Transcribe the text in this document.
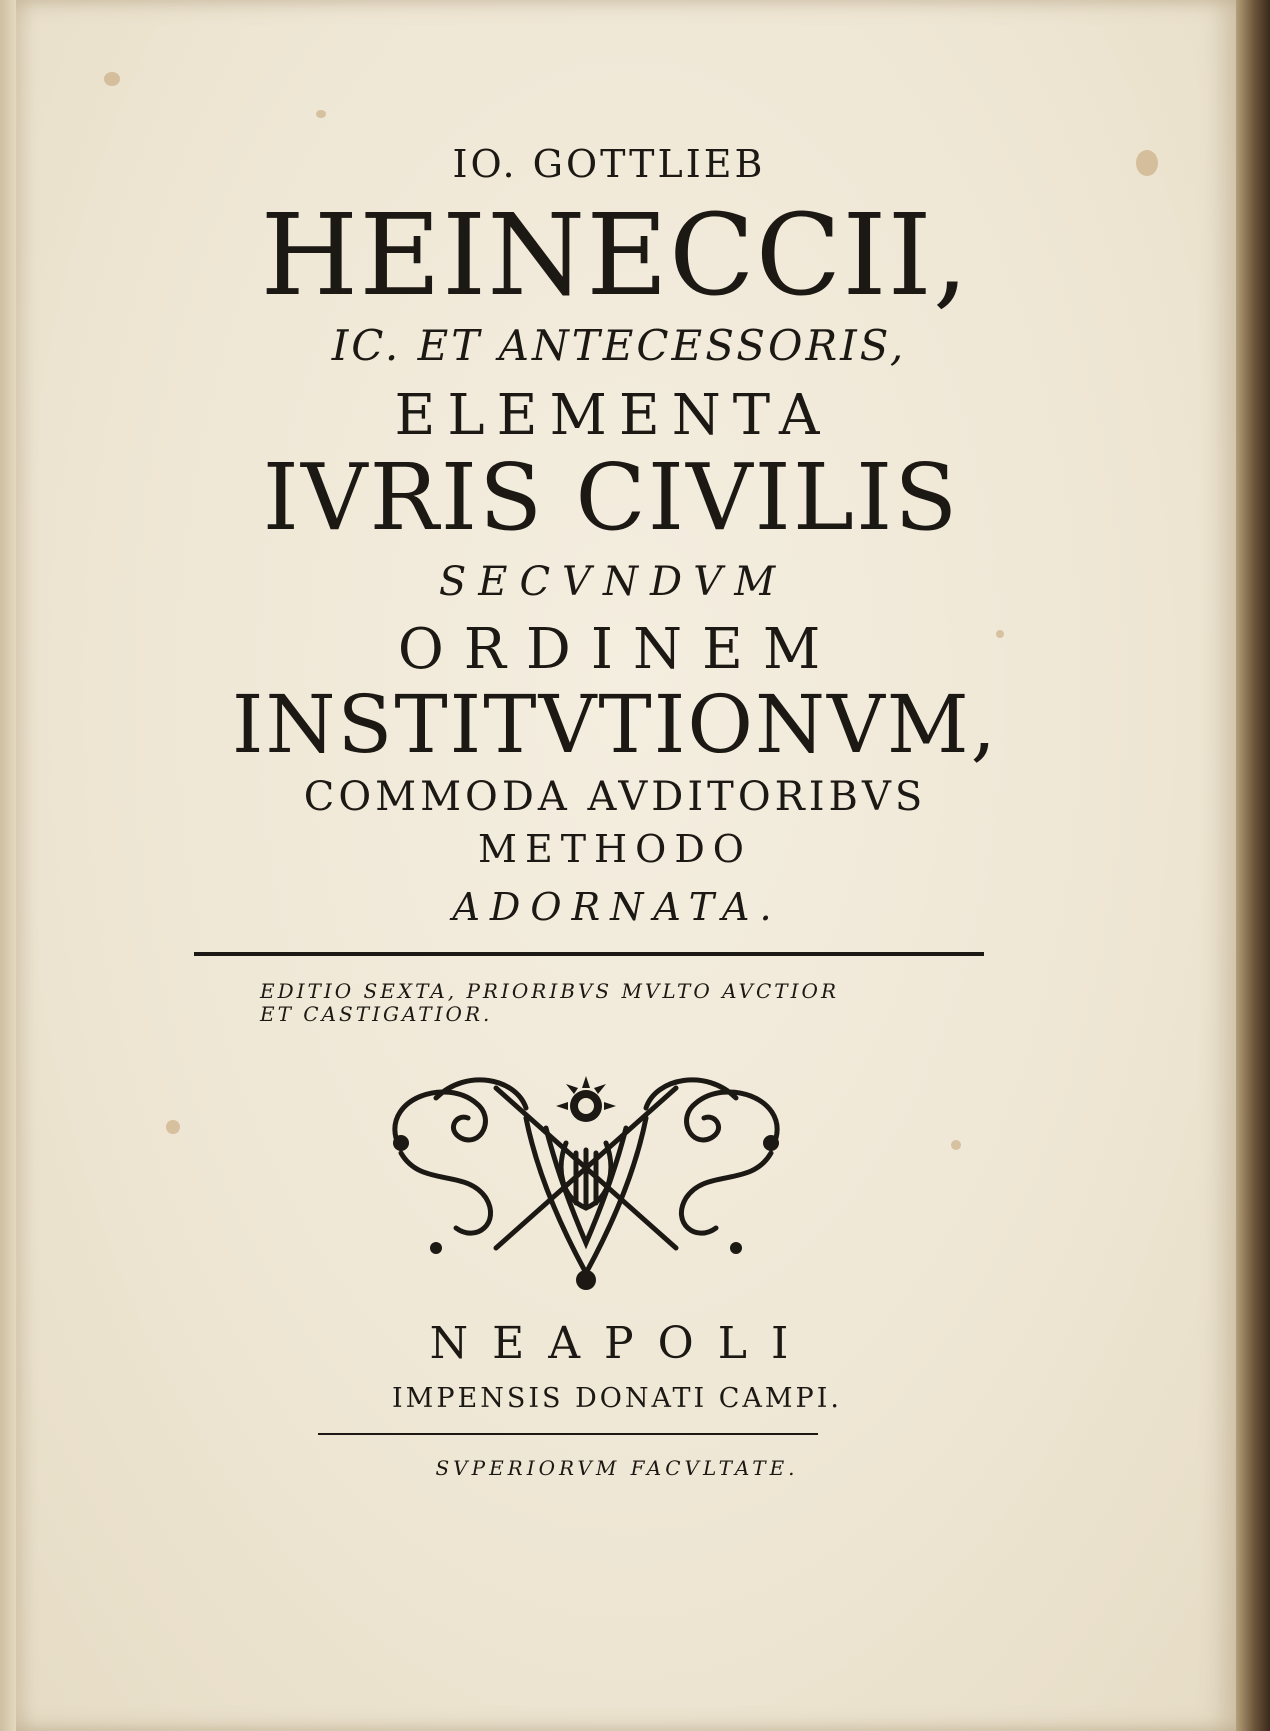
IO. GOTTLIEB
HEINECCII,
IC. ET ANTECESSORIS,
ELEMENTA
IVRIS CIVILIS
SECVNDVM
ORDINEM
INSTITVTIONVM,
COMMODA AVDITORIBVS
METHODO
ADORNATA.
EDITIO SEXTA, PRIORIBVS MVLTO AVCTIOR
ET CASTIGATIOR.
NEAPOLI
IMPENSIS DONATI CAMPI.
SVPERIORVM FACVLTATE.
